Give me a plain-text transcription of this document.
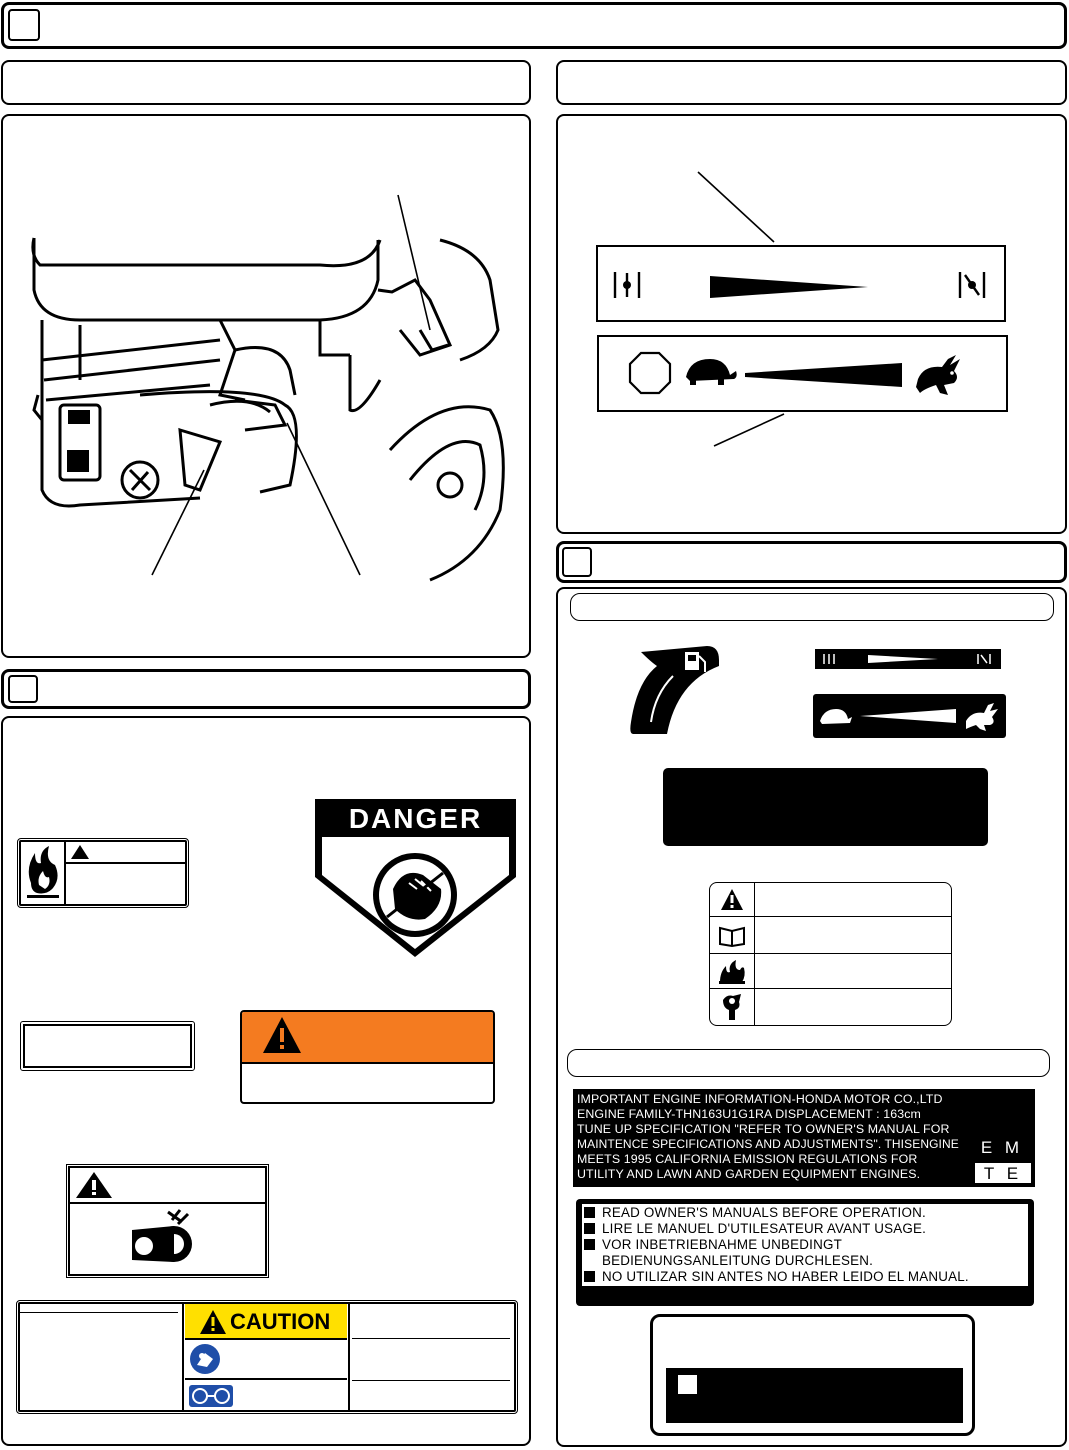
DANGER
KEEP HANDS and FEET AWAY
CAUTION
IMPORTANT ENGINE INFORMATION-HONDA MOTOR CO.,LTD
ENGINE FAMILY-THN163U1G1RA DISPLACEMENT : 163cm
TUNE UP SPECIFICATION "REFER TO OWNER'S MANUAL FOR
MAINTENCE SPECIFICATIONS AND ADJUSTMENTS". THISENGINE
MEETS 1995 CALIFORNIA EMISSION REGULATIONS FOR
UTILITY AND LAWN AND GARDEN EQUIPMENT ENGINES.
E M
T E
READ OWNER'S MANUALS BEFORE OPERATION.
LIRE LE MANUEL D'UTILESATEUR AVANT USAGE.
VOR INBETRIEBNAHME UNBEDINGT
BEDIENUNGSANLEITUNG DURCHLESEN.
NO UTILIZAR SIN ANTES NO HABER LEIDO EL MANUAL.
